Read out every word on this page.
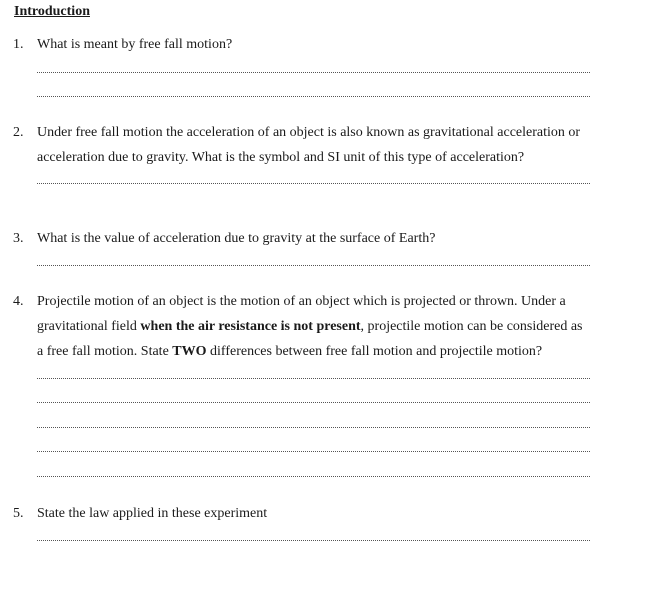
Introduction
1. What is meant by free fall motion?
2. Under free fall motion the acceleration of an object is also known as gravitational acceleration or
acceleration due to gravity. What is the symbol and SI unit of this type of acceleration?
3. What is the value of acceleration due to gravity at the surface of Earth?
4. Projectile motion of an object is the motion of an object which is projected or thrown. Under a
gravitational field when the air resistance is not present, projectile motion can be considered as
a free fall motion. State TWO differences between free fall motion and projectile motion?
5. State the law applied in these experiment
